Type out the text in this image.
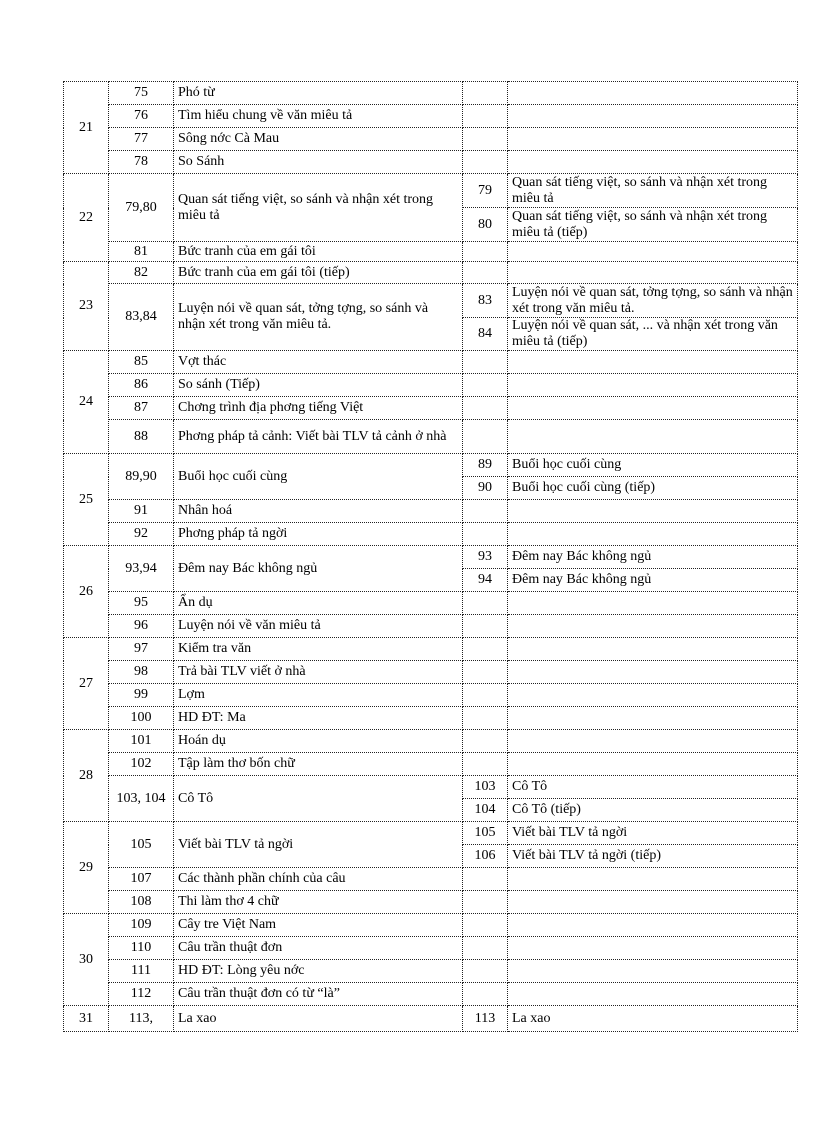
21	75	Phó từ		
	76	Tìm hiểu chung về văn miêu tả		
	77	Sông nớc Cà Mau		
	78	So Sánh		
22	79,80	Quan sát tiếng việt, so sánh và nhận xét trong miêu tả	79	Quan sát tiếng việt, so sánh và nhận xét trong miêu tả
			80	Quan sát tiếng việt, so sánh và nhận xét trong miêu tả (tiếp)
	81	Bức tranh của em gái tôi		
23	82	Bức tranh của em gái tôi (tiếp)		
	83,84	Luyện nói về quan sát, tởng tợng, so sánh và nhận xét trong văn miêu tả.	83	Luyện nói về quan sát, tởng tợng, so sánh và nhận xét trong văn miêu tả.
			84	Luyện nói về quan sát, ... và nhận xét trong văn miêu tả (tiếp)
24	85	Vợt thác		
	86	So sánh (Tiếp)		
	87	Chơng trình địa phơng tiếng Việt		
	88	Phơng pháp tả cảnh: Viết bài TLV tả cảnh ở nhà		
25	89,90	Buổi học cuối cùng	89	Buổi học cuối cùng
			90	Buổi học cuối cùng (tiếp)
	91	Nhân hoá		
	92	Phơng pháp tả ngời		
26	93,94	Đêm nay Bác không ngủ	93	Đêm nay Bác không ngủ
			94	Đêm nay Bác không ngủ
	95	Ẩn dụ		
	96	Luyện nói về văn miêu tả		
27	97	Kiểm tra văn		
	98	Trả bài TLV viết ở nhà		
	99	Lợm		
	100	HD ĐT: Ma		
28	101	Hoán dụ		
	102	Tập làm thơ bốn chữ		
	103, 104	Cô Tô	103	Cô Tô
			104	Cô Tô (tiếp)
29	105	Viết bài TLV tả ngời	105	Viết bài TLV tả ngời
			106	Viết bài TLV tả ngời (tiếp)
	107	Các thành phần chính của câu		
	108	Thi làm thơ 4 chữ		
30	109	Cây tre Việt Nam		
	110	Câu trần thuật đơn		
	111	HD ĐT: Lòng yêu nớc		
	112	Câu trần thuật đơn có từ “là”		
31	113,	La xao	113	La xao
